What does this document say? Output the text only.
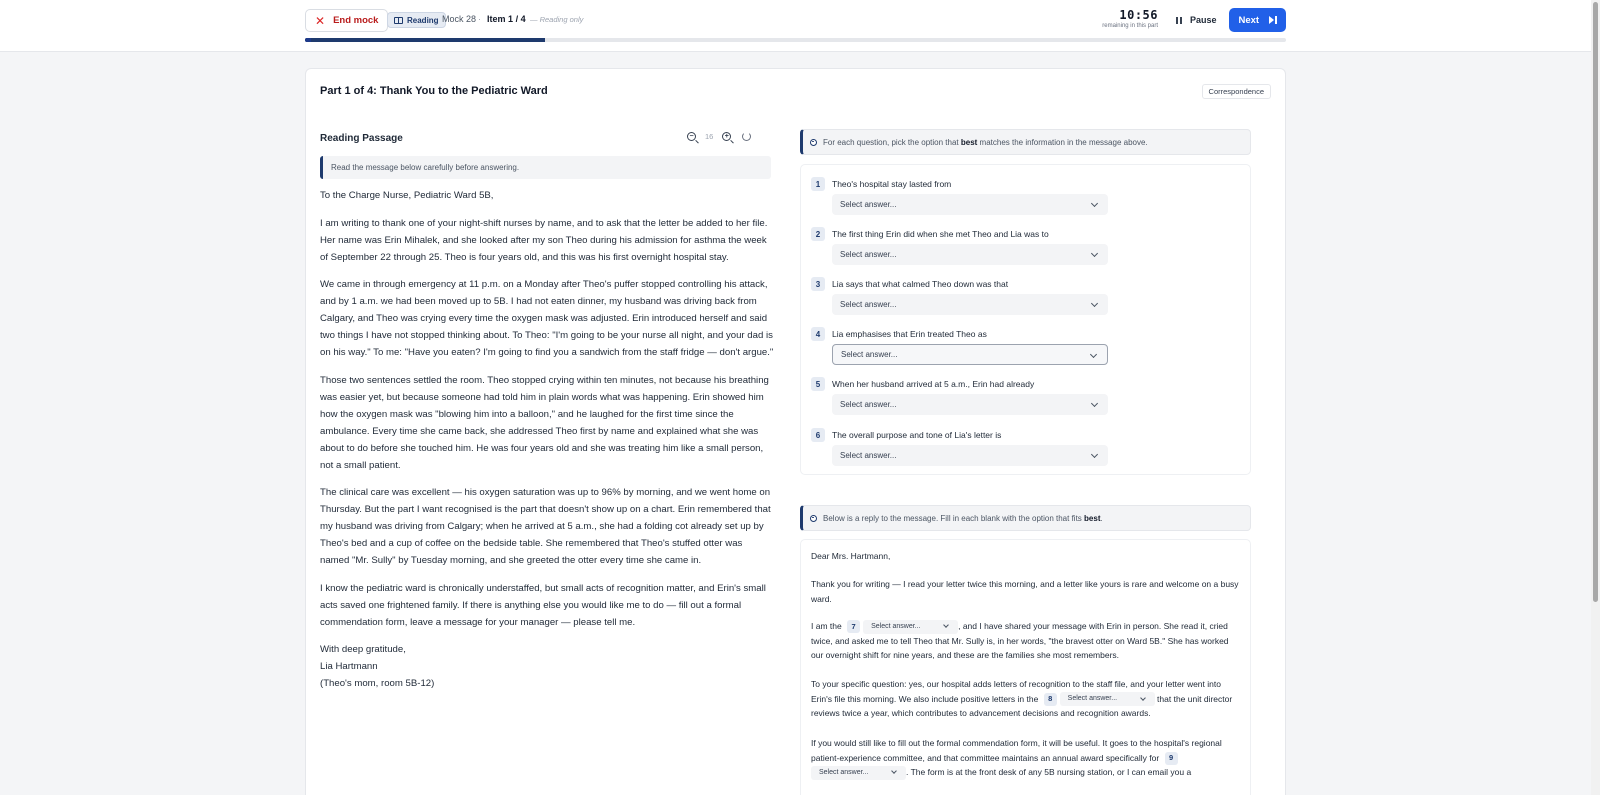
✕ End mock	Reading Mock 28 · Item 1 / 4 — Reading only	10:56
remaining in this part
Pause Next
Part 1 of 4: Thank You to the Pediatric Ward	Correspondence
Reading Passage	−	16	+
Read the message below carefully before answering.

To the Charge Nurse, Pediatric Ward 5B,

I am writing to thank one of your night-shift nurses by name, and to ask that the letter be added to her file. Her name was Erin Mihalek, and she looked after my son Theo during his admission for asthma the week of September 22 through 25. Theo is four years old, and this was his first overnight hospital stay.

We came in through emergency at 11 p.m. on a Monday after Theo's puffer stopped controlling his attack, and by 1 a.m. we had been moved up to 5B. I had not eaten dinner, my husband was driving back from Calgary, and Theo was crying every time the oxygen mask was adjusted. Erin introduced herself and said two things I have not stopped thinking about. To Theo: "I'm going to be your nurse all night, and your dad is on his way." To me: "Have you eaten? I'm going to find you a sandwich from the staff fridge — don't argue."

Those two sentences settled the room. Theo stopped crying within ten minutes, not because his breathing was easier yet, but because someone had told him in plain words what was happening. Erin showed him how the oxygen mask was "blowing him into a balloon," and he laughed for the first time since the ambulance. Every time she came back, she addressed Theo first by name and explained what she was about to do before she touched him. He was four years old and she was treating him like a small person, not a small patient.

The clinical care was excellent — his oxygen saturation was up to 96% by morning, and we went home on Thursday. But the part I want recognised is the part that doesn't show up on a chart. Erin remembered that my husband was driving from Calgary; when he arrived at 5 a.m., she had a folding cot already set up by Theo's bed and a cup of coffee on the bedside table. She remembered that Theo's stuffed otter was named "Mr. Sully" by Tuesday morning, and she greeted the otter every time she came in.

I know the pediatric ward is chronically understaffed, but small acts of recognition matter, and Erin's small acts saved one frightened family. If there is anything else you would like me to do — fill out a formal commendation form, leave a message for your manager — please tell me.

With deep gratitude,

Lia Hartmann

(Theo's mom, room 5B-12)

For each question, pick the option that best matches the information in the message above.
1	Theo's hospital stay lasted from
Select answer...
2	The first thing Erin did when she met Theo and Lia was to
Select answer...
3	Lia says that what calmed Theo down was that
Select answer...
4	Lia emphasises that Erin treated Theo as
Select answer...
5	When her husband arrived at 5 a.m., Erin had already
Select answer...
6	The overall purpose and tone of Lia's letter is
Select answer...
Below is a reply to the message. Fill in each blank with the option that fits best.
Dear Mrs. Hartmann,
Thank you for writing — I read your letter twice this morning, and a letter like yours is rare and welcome on a busy ward.
I am the 7 Select answer...	, and I have shared your message with Erin in person. She read it, cried twice, and asked me to tell Theo that Mr. Sully is, in her words, "the bravest otter on Ward 5B." She has worked our overnight shift for nine years, and these are the families she most remembers.
To your specific question: yes, our hospital adds letters of recognition to the staff file, and your letter went into Erin's file this morning. We also include positive letters in the 8 Select answer...	that the unit director reviews twice a year, which contributes to advancement decisions and recognition awards.
If you would still like to fill out the formal commendation form, it will be useful. It goes to the hospital's regional patient-experience committee, and that committee maintains an annual award specifically for 9
Select answer...	. The form is at the front desk of any 5B nursing station, or I can email you a
